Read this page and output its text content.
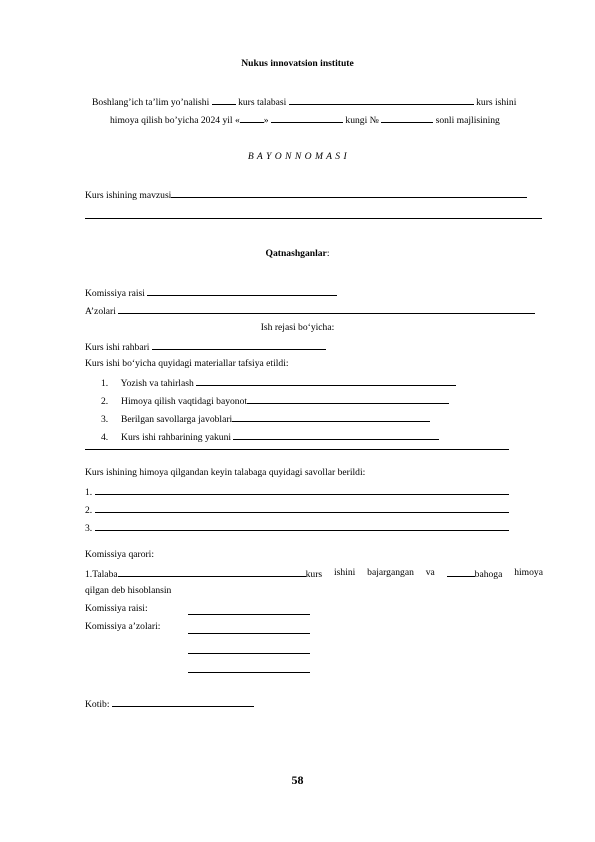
Nukus innovatsion institute
Boshlang’ich ta’lim yo’nalishi	kurs talabasi	kurs ishini
himoya qilish bo’yicha 2024 yil «	»	kungi №	sonli majlisining
B A Y O N N O M A S I
Kurs ishining mavzusi
Qatnashganlar:
Komissiya raisi
A’zolari
Ish rejasi bo‘yicha:
Kurs ishi rahbari
Kurs ishi bo‘yicha quyidagi materiallar tafsiya etildi:
1. Yozish va tahirlash
2. Himoya qilish vaqtidagi bayonot
3. Berilgan savollarga javoblari
4. Kurs ishi rahbarining yakuni
Kurs ishining himoya qilgandan keyin talabaga quyidagi savollar berildi:
1.
2.
3.
Komissiya qarori:
1.Talaba	kurs ishini bajargangan va	bahoga himoya
qilgan deb hisoblansin
Komissiya raisi:
Komissiya a’zolari:
Kotib:
58
